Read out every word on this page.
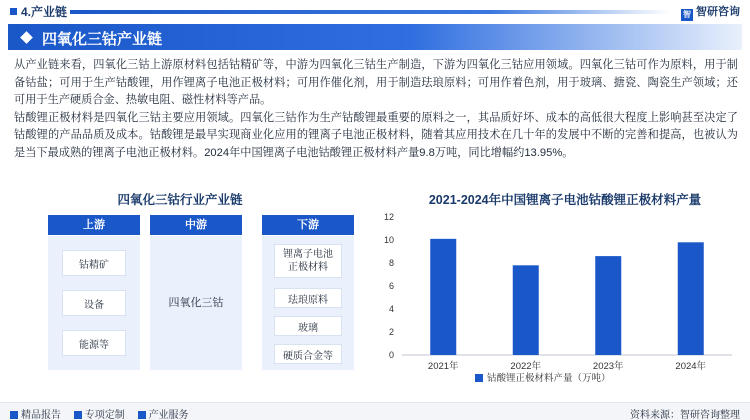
4.产业链	智 智研咨询
四氧化三钴产业链

从产业链来看，四氧化三钴上游原材料包括钴精矿等，中游为四氧化三钴生产制造，下游为四氧化三钴应用领域。四氧化三钴可作为原料，用于制备钴盐；可用于生产钴酸锂，用作锂离子电池正极材料；可用作催化剂，用于制造珐琅原料；可用作着色剂，用于玻璃、搪瓷、陶瓷生产领域；还可用于生产硬质合金、热敏电阻、磁性材料等产品。

钴酸锂正极材料是四氧化三钴主要应用领域。四氧化三钴作为生产钴酸锂最重要的原料之一，其品质好坏、成本的高低很大程度上影响甚至决定了钴酸锂的产品品质及成本。钴酸锂是最早实现商业化应用的锂离子电池正极材料，随着其应用技术在几十年的发展中不断的完善和提高，也被认为是当下最成熟的锂离子电池正极材料。2024年中国锂离子电池钴酸锂正极材料产量9.8万吨，同比增幅约13.95%。

四氧化三钴行业产业链
上游
钴精矿
设备
能源等
中游
四氧化三钴
下游
锂离子电池
正极材料
珐琅原料
玻璃
硬质合金等
2021-2024年中国锂离子电池钴酸锂正极材料产量
0
2
4
6
8
10
12
2021年	2022年	2023年	2024年
钴酸锂正极材料产量（万吨）
精品报告 专项定制 产业服务	资料来源：智研咨询整理
